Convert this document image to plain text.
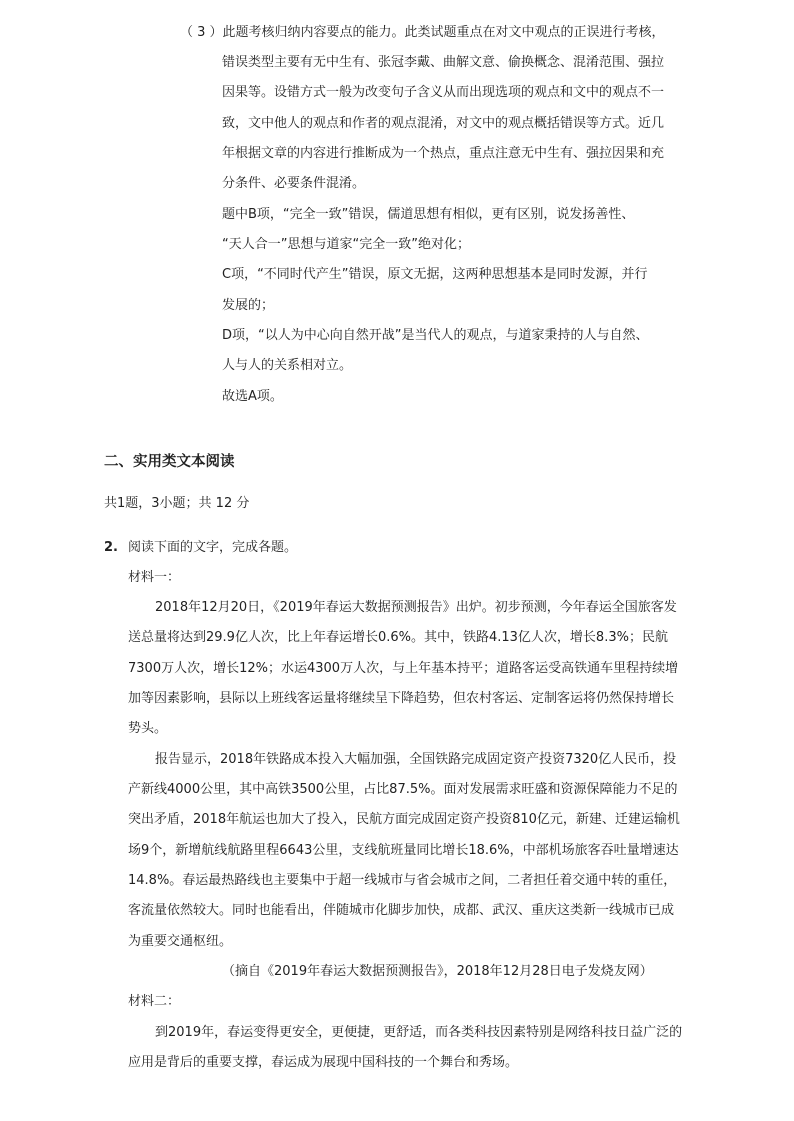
（ 3 ）此题考核归纳内容要点的能力。此类试题重点在对文中观点的正误进行考核，
错误类型主要有无中生有、张冠李戴、曲解文意、偷换概念、混淆范围、强拉
因果等。设错方式一般为改变句子含义从而出现选项的观点和文中的观点不一
致，文中他人的观点和作者的观点混淆，对文中的观点概括错误等方式。近几
年根据文章的内容进行推断成为一个热点，重点注意无中生有、强拉因果和充
分条件、必要条件混淆。
题中B项，“完全一致”错误，儒道思想有相似，更有区别，说发扬善性、
“天人合一”思想与道家“完全一致”绝对化；
C项，“不同时代产生”错误，原文无据，这两种思想基本是同时发源，并行
发展的；
D项，“以人为中心向自然开战”是当代人的观点，与道家秉持的人与自然、
人与人的关系相对立。
故选A项。
二、实用类文本阅读
共1题，3小题；共 12 分
2. 阅读下面的文字，完成各题。
材料一：
2018年12月20日，《2019年春运大数据预测报告》出炉。初步预测，今年春运全国旅客发
送总量将达到29.9亿人次，比上年春运增长0.6%。其中，铁路4.13亿人次，增长8.3%；民航
7300万人次，增长12%；水运4300万人次，与上年基本持平；道路客运受高铁通车里程持续增
加等因素影响，县际以上班线客运量将继续呈下降趋势，但农村客运、定制客运将仍然保持增长
势头。
报告显示，2018年铁路成本投入大幅加强，全国铁路完成固定资产投资7320亿人民币，投
产新线4000公里，其中高铁3500公里，占比87.5%。面对发展需求旺盛和资源保障能力不足的
突出矛盾，2018年航运也加大了投入，民航方面完成固定资产投资810亿元，新建、迁建运输机
场9个，新增航线航路里程6643公里，支线航班量同比增长18.6%，中部机场旅客吞吐量增速达
14.8%。春运最热路线也主要集中于超一线城市与省会城市之间，二者担任着交通中转的重任，
客流量依然较大。同时也能看出，伴随城市化脚步加快，成都、武汉、重庆这类新一线城市已成
为重要交通枢纽。
（摘自《2019年春运大数据预测报告》，2018年12月28日电子发烧友网）
材料二：
到2019年，春运变得更安全，更便捷，更舒适，而各类科技因素特别是网络科技日益广泛的
应用是背后的重要支撑，春运成为展现中国科技的一个舞台和秀场。
